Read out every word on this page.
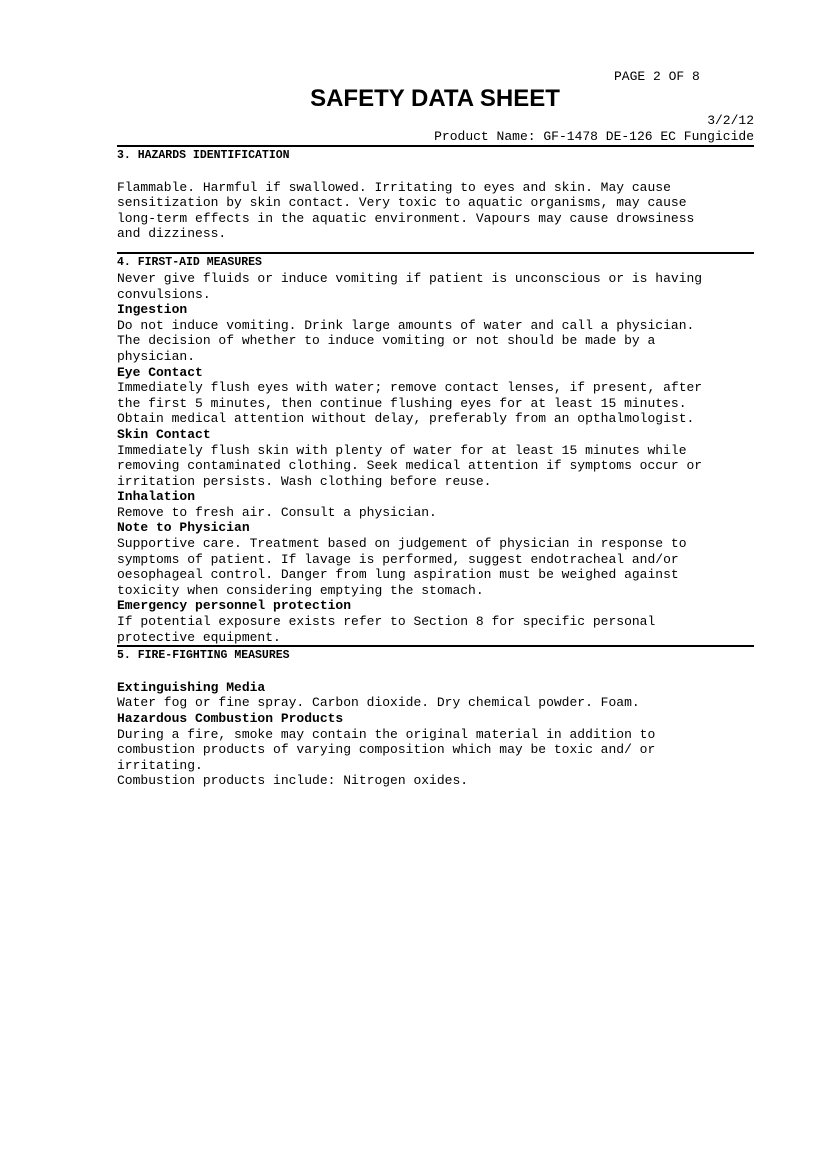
PAGE 2 OF 8
SAFETY DATA SHEET
3/2/12
Product Name: GF-1478 DE-126 EC Fungicide

3. HAZARDS IDENTIFICATION

Flammable. Harmful if swallowed. Irritating to eyes and skin. May cause

sensitization by skin contact. Very toxic to aquatic organisms, may cause

long-term effects in the aquatic environment. Vapours may cause drowsiness

and dizziness.

4. FIRST-AID MEASURES

Never give fluids or induce vomiting if patient is unconscious or is having

convulsions.

Ingestion

Do not induce vomiting. Drink large amounts of water and call a physician.

The decision of whether to induce vomiting or not should be made by a

physician.

Eye Contact

Immediately flush eyes with water; remove contact lenses, if present, after

the first 5 minutes, then continue flushing eyes for at least 15 minutes.

Obtain medical attention without delay, preferably from an opthalmologist.

Skin Contact

Immediately flush skin with plenty of water for at least 15 minutes while

removing contaminated clothing. Seek medical attention if symptoms occur or

irritation persists. Wash clothing before reuse.

Inhalation

Remove to fresh air. Consult a physician.

Note to Physician

Supportive care. Treatment based on judgement of physician in response to

symptoms of patient. If lavage is performed, suggest endotracheal and/or

oesophageal control. Danger from lung aspiration must be weighed against

toxicity when considering emptying the stomach.

Emergency personnel protection

If potential exposure exists refer to Section 8 for specific personal

protective equipment.

5. FIRE-FIGHTING MEASURES

Extinguishing Media

Water fog or fine spray. Carbon dioxide. Dry chemical powder. Foam.

Hazardous Combustion Products

During a fire, smoke may contain the original material in addition to

combustion products of varying composition which may be toxic and/ or

irritating.

Combustion products include: Nitrogen oxides.
